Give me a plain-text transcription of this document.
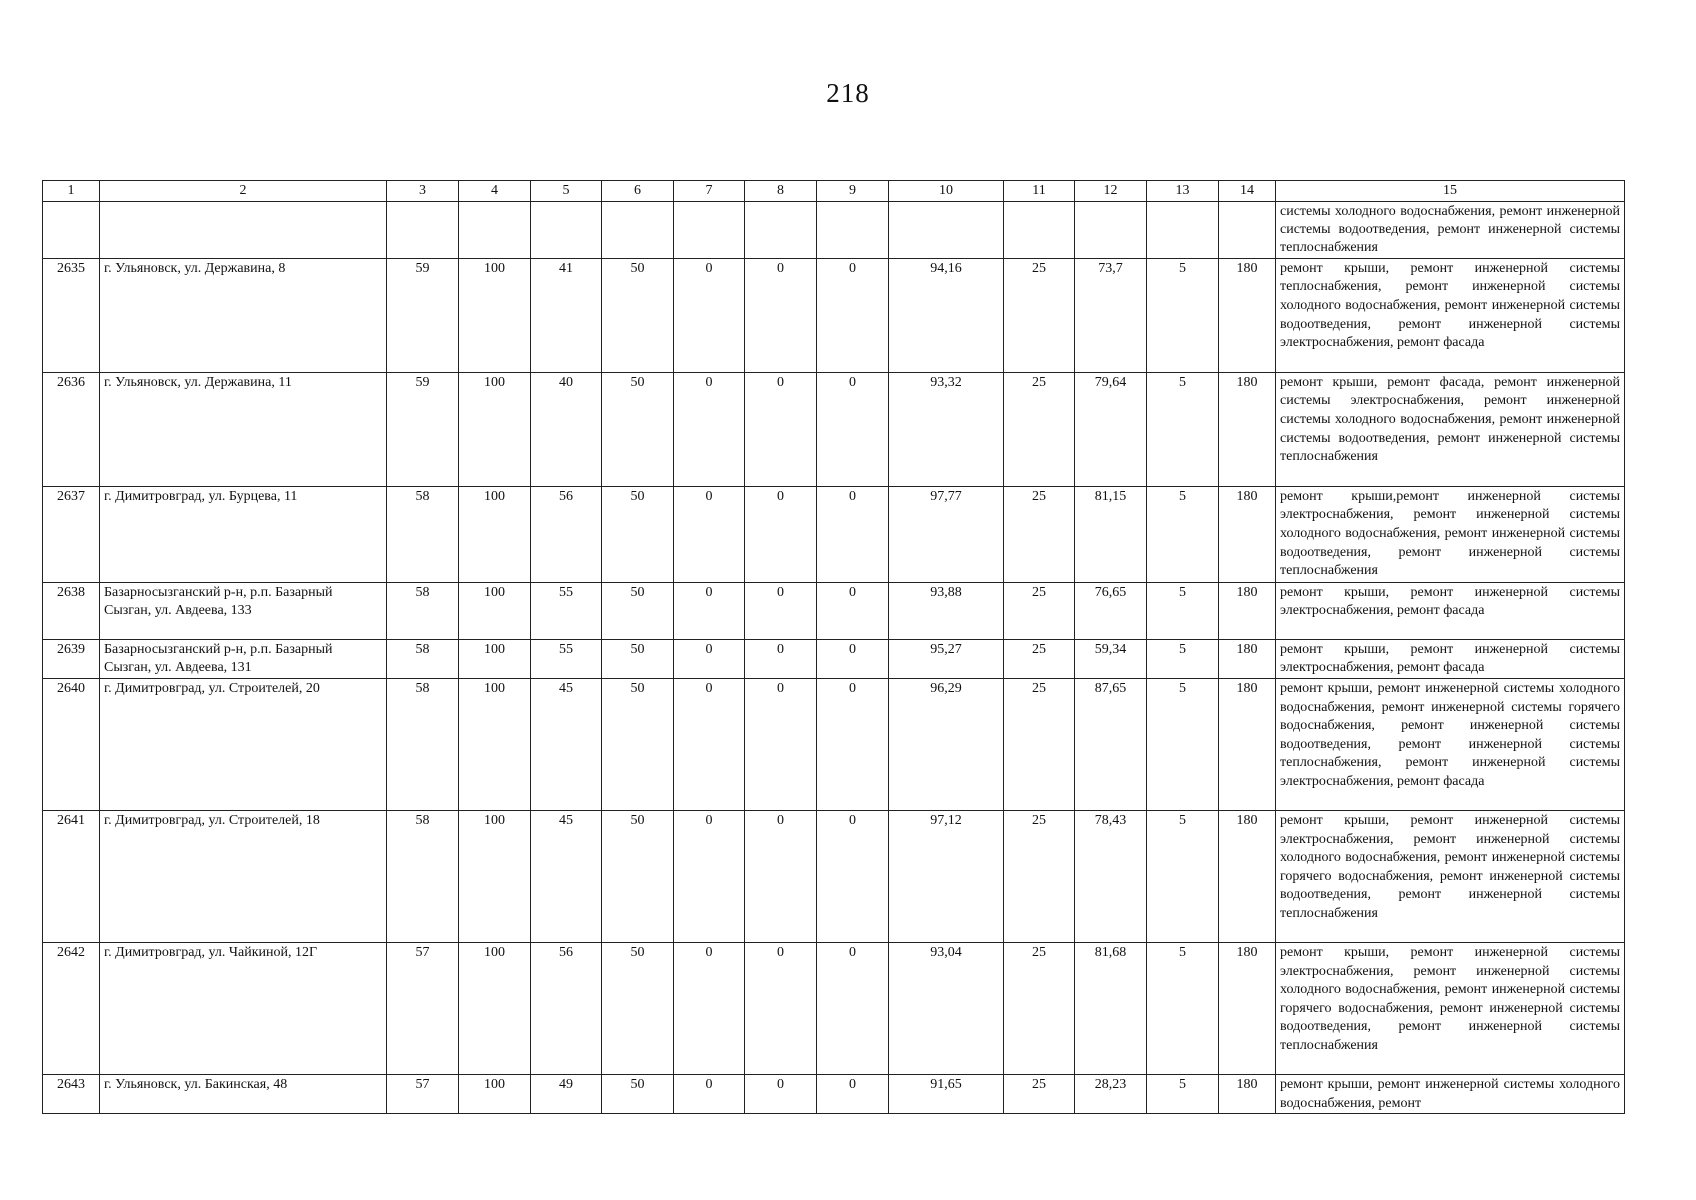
218
1	2	3	4	5	6	7	8	9	10	11	12	13	14	15
														системы холодного водоснабжения, ремонт инженерной системы водоотведения, ремонт инженерной системы теплоснабжения
2635	г. Ульяновск, ул. Державина, 8	59	100	41	50	0	0	0	94,16	25	73,7	5	180	ремонт крыши, ремонт инженерной системы теплоснабжения, ремонт инженерной системы холодного водоснабжения, ремонт инженерной системы водоотведения, ремонт инженерной системы электроснабжения, ремонт фасада
2636	г. Ульяновск, ул. Державина, 11	59	100	40	50	0	0	0	93,32	25	79,64	5	180	ремонт крыши, ремонт фасада, ремонт инженерной системы электроснабжения, ремонт инженерной системы холодного водоснабжения, ремонт инженерной системы водоотведения, ремонт инженерной системы теплоснабжения
2637	г. Димитровград, ул. Бурцева, 11	58	100	56	50	0	0	0	97,77	25	81,15	5	180	ремонт крыши,ремонт инженерной системы электроснабжения, ремонт инженерной системы холодного водоснабжения, ремонт инженерной системы водоотведения, ремонт инженерной системы теплоснабжения
2638	Базарносызганский р-н, р.п. Базарный Сызган, ул. Авдеева, 133	58	100	55	50	0	0	0	93,88	25	76,65	5	180	ремонт крыши, ремонт инженерной системы электроснабжения, ремонт фасада
2639	Базарносызганский р-н, р.п. Базарный Сызган, ул. Авдеева, 131	58	100	55	50	0	0	0	95,27	25	59,34	5	180	ремонт крыши, ремонт инженерной системы электроснабжения, ремонт фасада
2640	г. Димитровград, ул. Строителей, 20	58	100	45	50	0	0	0	96,29	25	87,65	5	180	ремонт крыши, ремонт инженерной системы холодного водоснабжения, ремонт инженерной системы горячего водоснабжения, ремонт инженерной системы водоотведения, ремонт инженерной системы теплоснабжения, ремонт инженерной системы электроснабжения, ремонт фасада
2641	г. Димитровград, ул. Строителей, 18	58	100	45	50	0	0	0	97,12	25	78,43	5	180	ремонт крыши, ремонт инженерной системы электроснабжения, ремонт инженерной системы холодного водоснабжения, ремонт инженерной системы горячего водоснабжения, ремонт инженерной системы водоотведения, ремонт инженерной системы теплоснабжения
2642	г. Димитровград, ул. Чайкиной, 12Г	57	100	56	50	0	0	0	93,04	25	81,68	5	180	ремонт крыши, ремонт инженерной системы электроснабжения, ремонт инженерной системы холодного водоснабжения, ремонт инженерной системы горячего водоснабжения, ремонт инженерной системы водоотведения, ремонт инженерной системы теплоснабжения
2643	г. Ульяновск, ул. Бакинская, 48	57	100	49	50	0	0	0	91,65	25	28,23	5	180	ремонт крыши, ремонт инженерной системы холодного водоснабжения, ремонт
